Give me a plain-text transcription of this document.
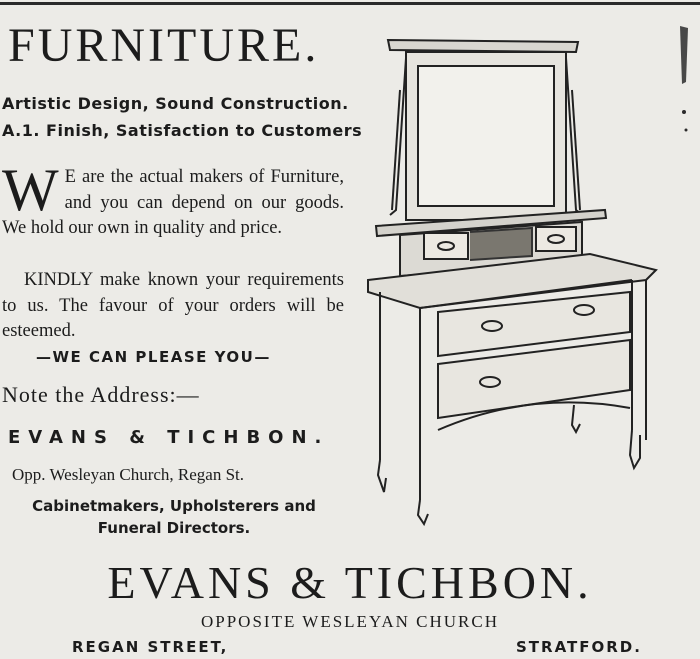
FURNITURE.
Artistic Design, Sound Construction.
A.1. Finish, Satisfaction to Customers

W E are the actual makers of Furniture, and you can depend on our goods. We hold our own in quality and price.

KINDLY make known your requirements to us. The favour of your orders will be esteemed.

—WE CAN PLEASE YOU—
Note the Address:—
EVANS & TICHBON.
Opp. Wesleyan Church, Regan St.
Cabinetmakers, Upholsterers and Funeral Directors.
EVANS & TICHBON.
OPPOSITE WESLEYAN CHURCH
REGAN STREET,	STRATFORD.
